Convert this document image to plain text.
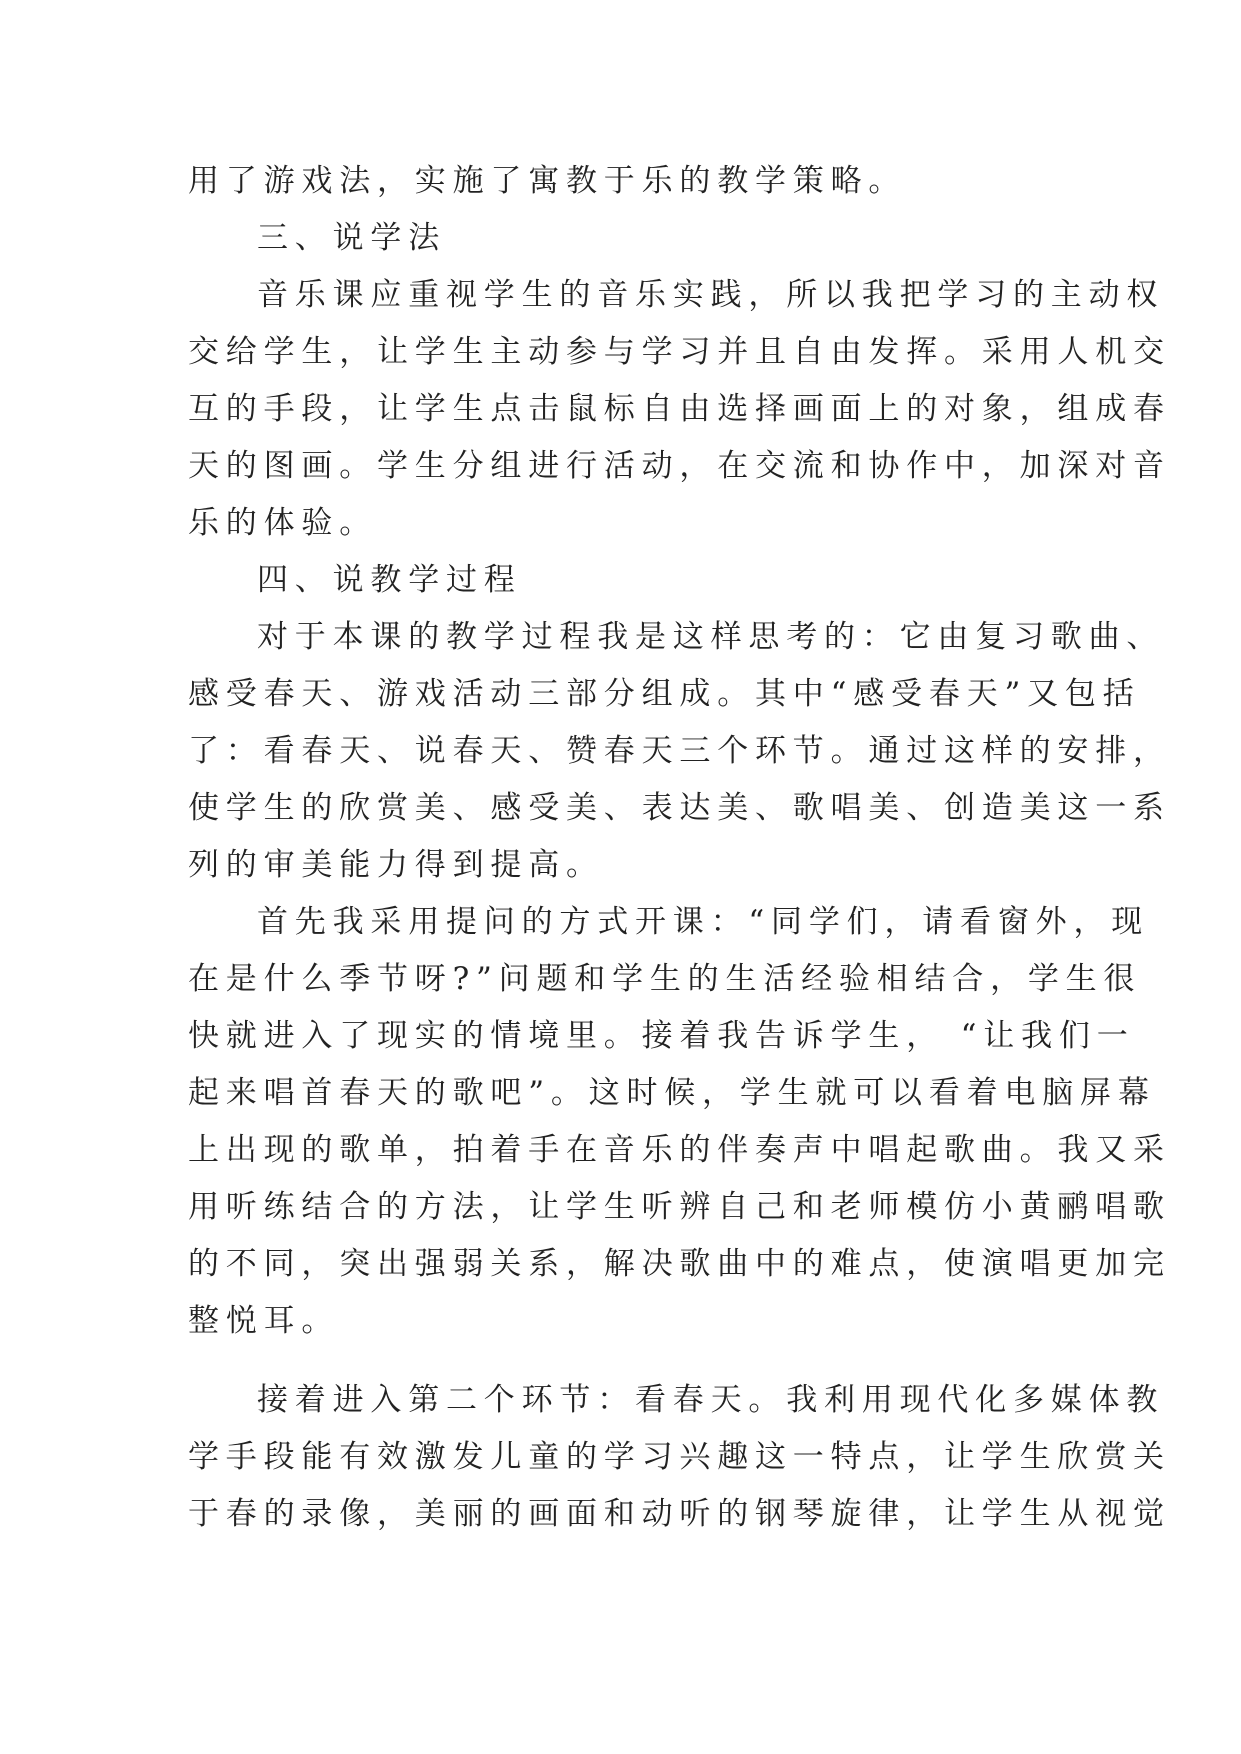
用了游戏法，实施了寓教于乐的教学策略。
三、说学法
音乐课应重视学生的音乐实践，所以我把学习的主动权
交给学生，让学生主动参与学习并且自由发挥。采用人机交
互的手段，让学生点击鼠标自由选择画面上的对象，组成春
天的图画。学生分组进行活动，在交流和协作中，加深对音
乐的体验。
四、说教学过程
对于本课的教学过程我是这样思考的：它由复习歌曲、
感受春天、游戏活动三部分组成。其中“感受春天”又包括
了：看春天、说春天、赞春天三个环节。通过这样的安排，
使学生的欣赏美、感受美、表达美、歌唱美、创造美这一系
列的审美能力得到提高。
首先我采用提问的方式开课：“同学们，请看窗外，现
在是什么季节呀?”问题和学生的生活经验相结合，学生很
快就进入了现实的情境里。接着我告诉学生， “让我们一
起来唱首春天的歌吧”。这时候，学生就可以看着电脑屏幕
上出现的歌单，拍着手在音乐的伴奏声中唱起歌曲。我又采
用听练结合的方法，让学生听辨自己和老师模仿小黄鹂唱歌
的不同，突出强弱关系，解决歌曲中的难点，使演唱更加完
整悦耳。
接着进入第二个环节：看春天。我利用现代化多媒体教
学手段能有效激发儿童的学习兴趣这一特点，让学生欣赏关
于春的录像，美丽的画面和动听的钢琴旋律，让学生从视觉
